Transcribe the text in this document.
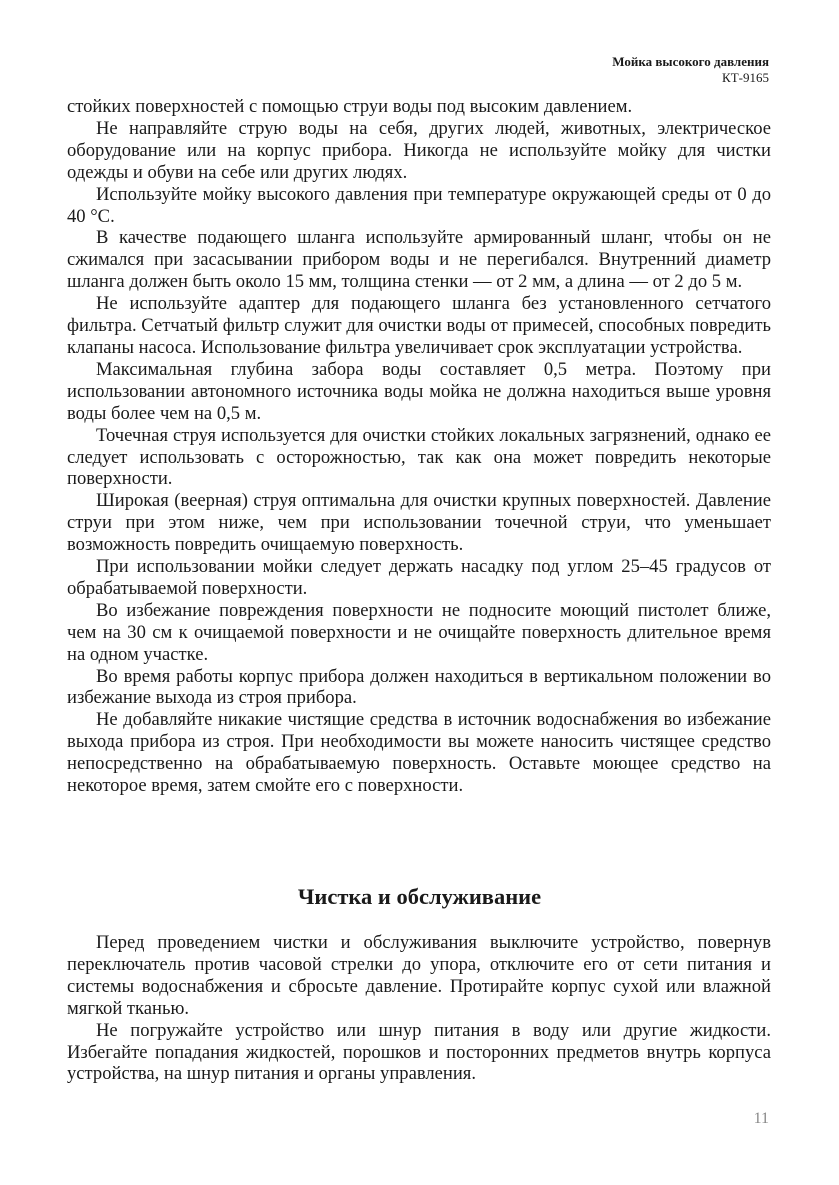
Мойка высокого давления
КТ-9165

стойких поверхностей с помощью струи воды под высоким давлением.

Не направляйте струю воды на себя, других людей, животных, электрическое оборудование или на корпус прибора. Никогда не используйте мойку для чистки одежды и обуви на себе или других людях.

Используйте мойку высокого давления при температуре окружающей среды от 0 до 40 °С.

В качестве подающего шланга используйте армированный шланг, чтобы он не сжимался при засасывании прибором воды и не перегибался. Внутренний диаметр шланга должен быть около 15 мм, толщина стенки — от 2 мм, а длина — от 2 до 5 м.

Не используйте адаптер для подающего шланга без установленного сетчатого фильтра. Сетчатый фильтр служит для очистки воды от примесей, способных повредить клапаны насоса. Использование фильтра увеличивает срок эксплуатации устройства.

Максимальная глубина забора воды составляет 0,5 метра. Поэтому при использовании автономного источника воды мойка не должна находиться выше уровня воды более чем на 0,5 м.

Точечная струя используется для очистки стойких локальных загрязнений, однако ее следует использовать с осторожностью, так как она может повредить некоторые поверхности.

Широкая (веерная) струя оптимальна для очистки крупных поверхностей. Давление струи при этом ниже, чем при использовании точечной струи, что уменьшает возможность повредить очищаемую поверхность.

При использовании мойки следует держать насадку под углом 25–45 градусов от обрабатываемой поверхности.

Во избежание повреждения поверхности не подносите моющий пистолет ближе, чем на 30 см к очищаемой поверхности и не очищайте поверхность длительное время на одном участке.

Во время работы корпус прибора должен находиться в вертикальном положении во избежание выхода из строя прибора.

Не добавляйте никакие чистящие средства в источник водоснабжения во избежание выхода прибора из строя. При необходимости вы можете наносить чистящее средство непосредственно на обрабатываемую поверхность. Оставьте моющее средство на некоторое время, затем смойте его с поверхности.

Чистка и обслуживание

Перед проведением чистки и обслуживания выключите устройство, повернув переключатель против часовой стрелки до упора, отключите его от сети питания и системы водоснабжения и сбросьте давление. Протирайте корпус сухой или влажной мягкой тканью.

Не погружайте устройство или шнур питания в воду или другие жидкости. Избегайте попадания жидкостей, порошков и посторонних предметов внутрь корпуса устройства, на шнур питания и органы управления.

11
